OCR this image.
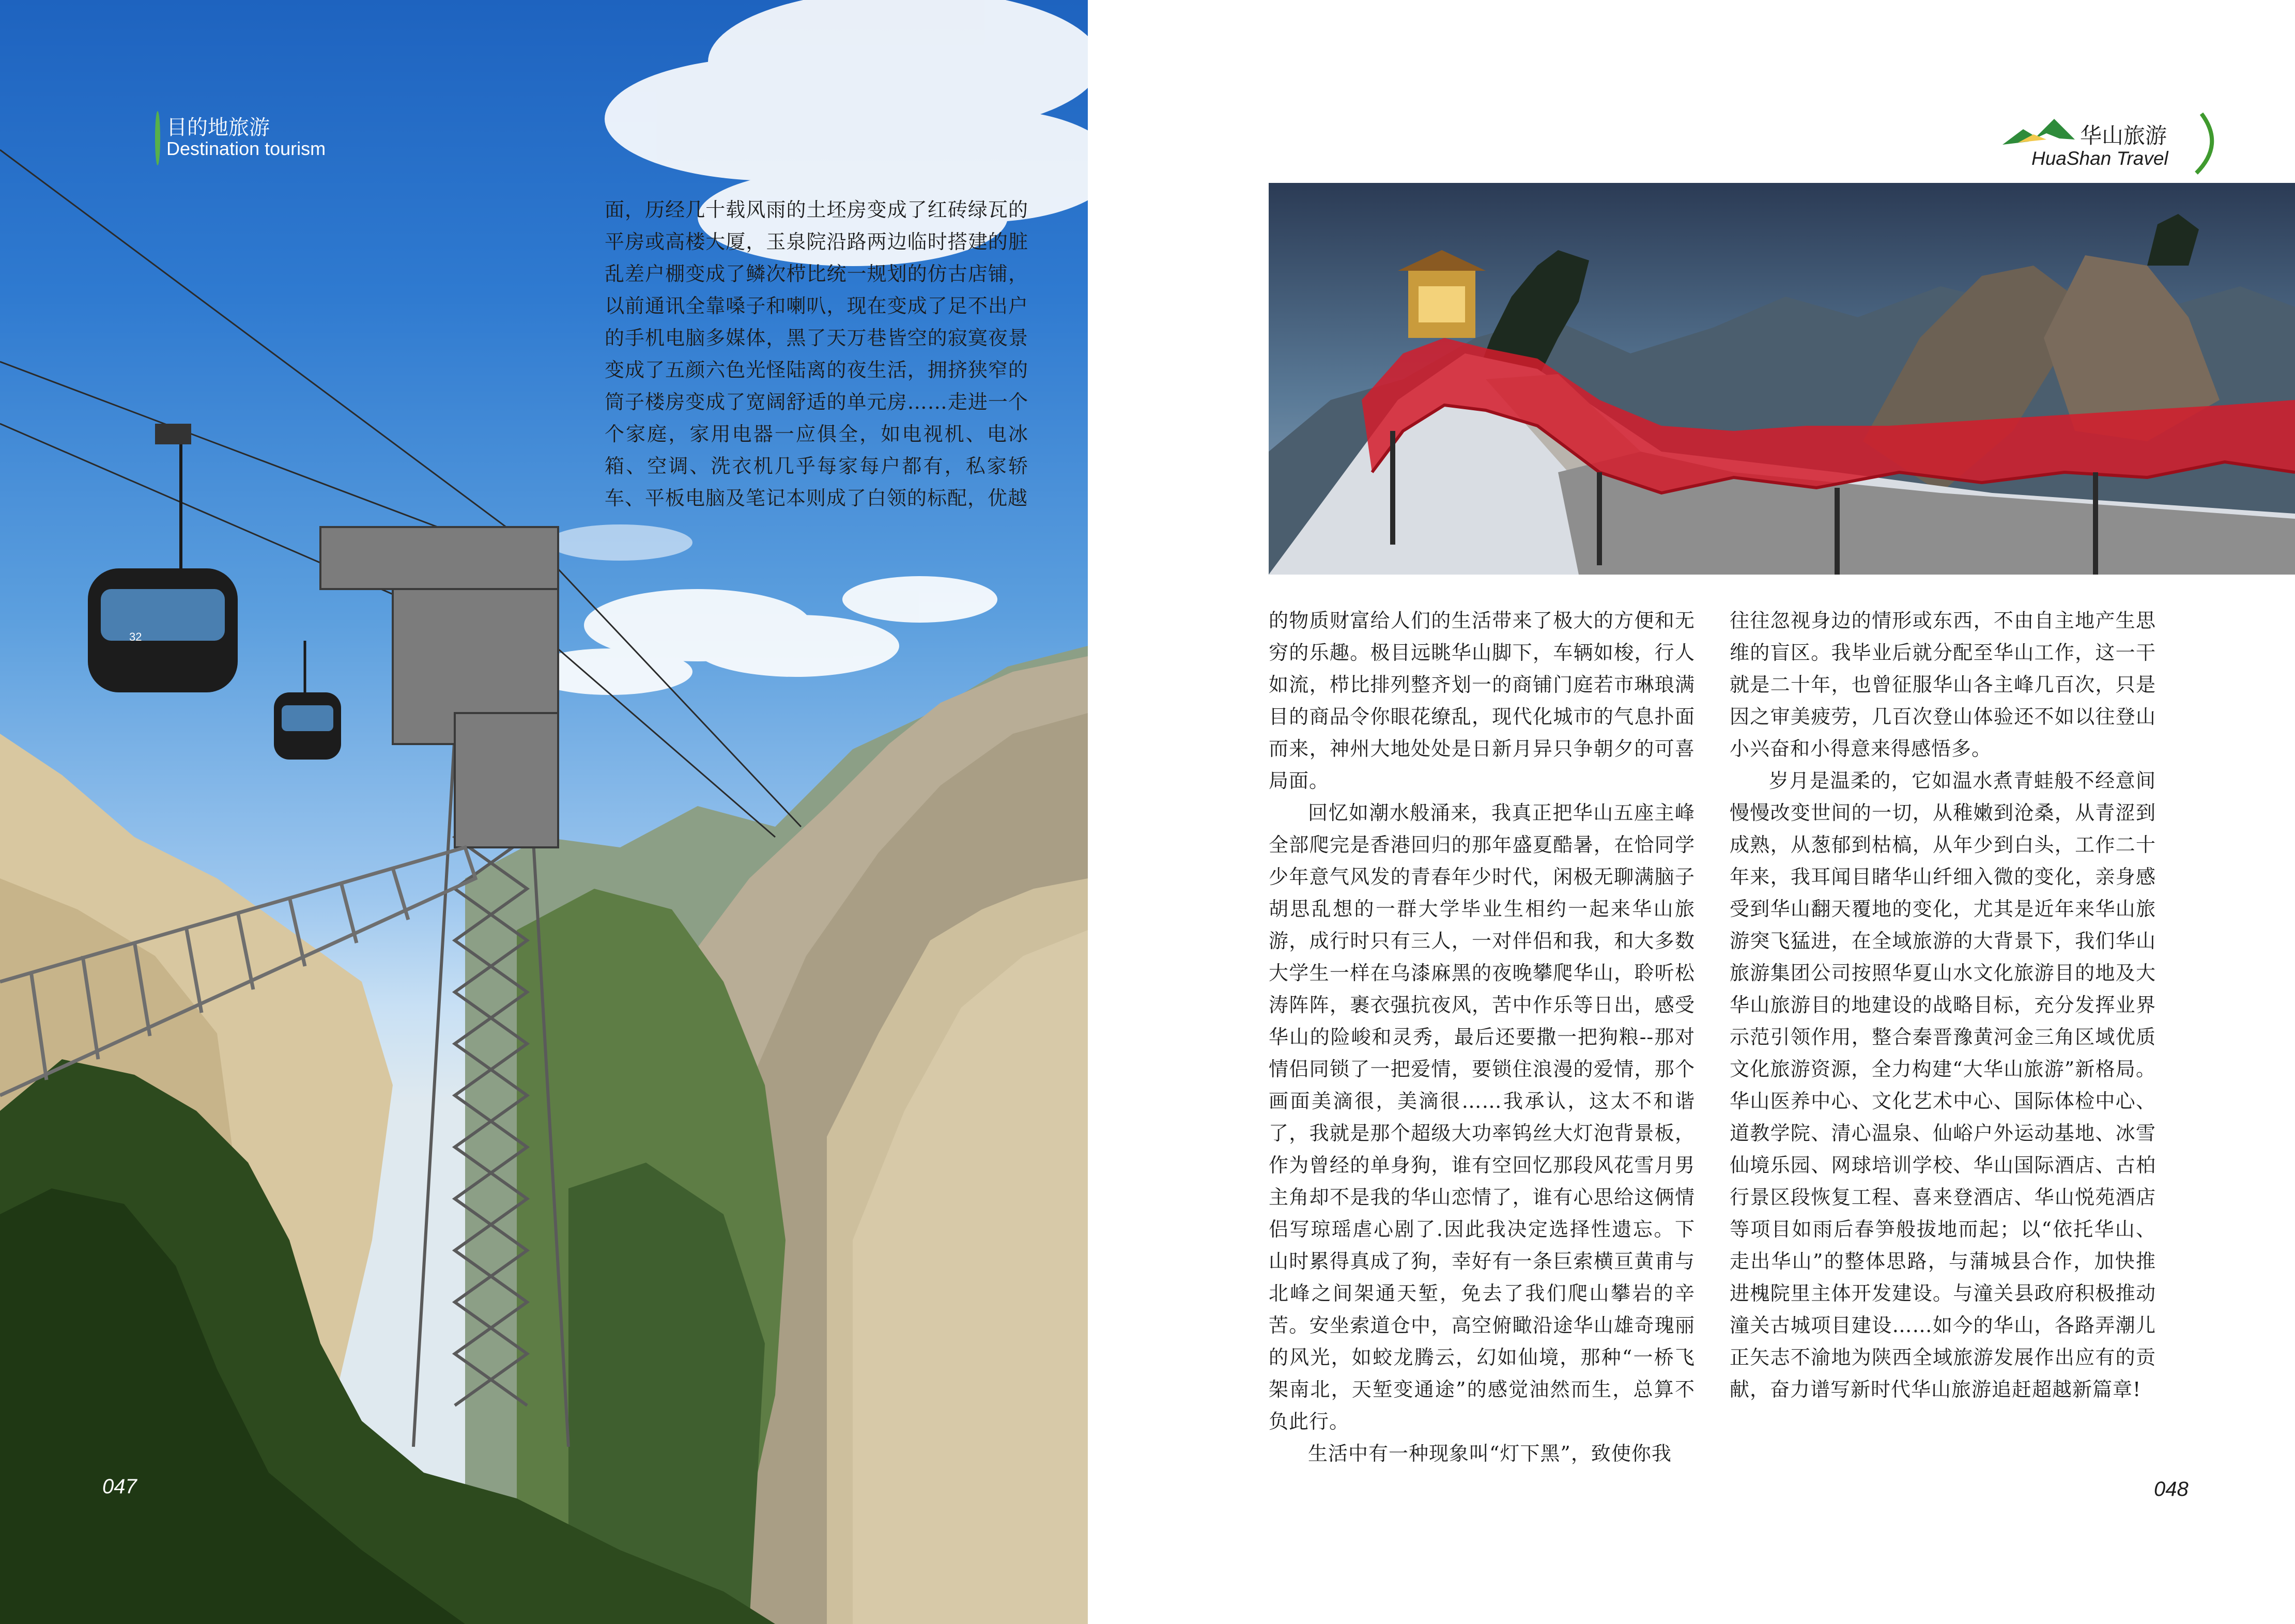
32
目的地旅游
Destination tourism
面，历经几十载风雨的土坯房变成了红砖绿瓦的平房或高楼大厦，玉泉院沿路两边临时搭建的脏乱差户棚变成了鳞次栉比统一规划的仿古店铺，以前通讯全靠嗓子和喇叭，现在变成了足不出户的手机电脑多媒体，黑了天万巷皆空的寂寞夜景变成了五颜六色光怪陆离的夜生活，拥挤狭窄的筒子楼房变成了宽阔舒适的单元房……走进一个个家庭，家用电器一应俱全，如电视机、电冰箱、空调、洗衣机几乎每家每户都有，私家轿车、平板电脑及笔记本则成了白领的标配，优越
047
华山旅游
HuaShan Travel

的物质财富给人们的生活带来了极大的方便和无穷的乐趣。极目远眺华山脚下，车辆如梭，行人如流，栉比排列整齐划一的商铺门庭若市琳琅满目的商品令你眼花缭乱，现代化城市的气息扑面而来，神州大地处处是日新月异只争朝夕的可喜局面。

回忆如潮水般涌来，我真正把华山五座主峰全部爬完是香港回归的那年盛夏酷暑，在恰同学少年意气风发的青春年少时代，闲极无聊满脑子胡思乱想的一群大学毕业生相约一起来华山旅游，成行时只有三人，一对伴侣和我，和大多数大学生一样在乌漆麻黑的夜晚攀爬华山，聆听松涛阵阵，裹衣强抗夜风，苦中作乐等日出，感受华山的险峻和灵秀，最后还要撒一把狗粮--那对情侣同锁了一把爱情，要锁住浪漫的爱情，那个画面美滴很，美滴很……我承认，这太不和谐了，我就是那个超级大功率钨丝大灯泡背景板，作为曾经的单身狗，谁有空回忆那段风花雪月男主角却不是我的华山恋情了，谁有心思给这俩情侣写琼瑶虐心剧了.因此我决定选择性遗忘。下山时累得真成了狗，幸好有一条巨索横亘黄甫与北峰之间架通天堑，免去了我们爬山攀岩的辛苦。安坐索道仓中，高空俯瞰沿途华山雄奇瑰丽的风光，如蛟龙腾云，幻如仙境，那种“一桥飞架南北，天堑变通途”的感觉油然而生，总算不负此行。

生活中有一种现象叫“灯下黑”，致使你我

往往忽视身边的情形或东西，不由自主地产生思维的盲区。我毕业后就分配至华山工作，这一干就是二十年，也曾征服华山各主峰几百次，只是因之审美疲劳，几百次登山体验还不如以往登山小兴奋和小得意来得感悟多。

岁月是温柔的，它如温水煮青蛙般不经意间慢慢改变世间的一切，从稚嫩到沧桑，从青涩到成熟，从葱郁到枯槁，从年少到白头，工作二十年来，我耳闻目睹华山纤细入微的变化，亲身感受到华山翻天覆地的变化，尤其是近年来华山旅游突飞猛进，在全域旅游的大背景下，我们华山旅游集团公司按照华夏山水文化旅游目的地及大华山旅游目的地建设的战略目标，充分发挥业界示范引领作用，整合秦晋豫黄河金三角区域优质文化旅游资源，全力构建“大华山旅游”新格局。华山医养中心、文化艺术中心、国际体检中心、道教学院、清心温泉、仙峪户外运动基地、冰雪仙境乐园、网球培训学校、华山国际酒店、古柏行景区段恢复工程、喜来登酒店、华山悦苑酒店等项目如雨后春笋般拔地而起；以“依托华山、走出华山”的整体思路，与蒲城县合作，加快推进槐院里主体开发建设。与潼关县政府积极推动潼关古城项目建设……如今的华山，各路弄潮儿正矢志不渝地为陕西全域旅游发展作出应有的贡献，奋力谱写新时代华山旅游追赶超越新篇章!

048
